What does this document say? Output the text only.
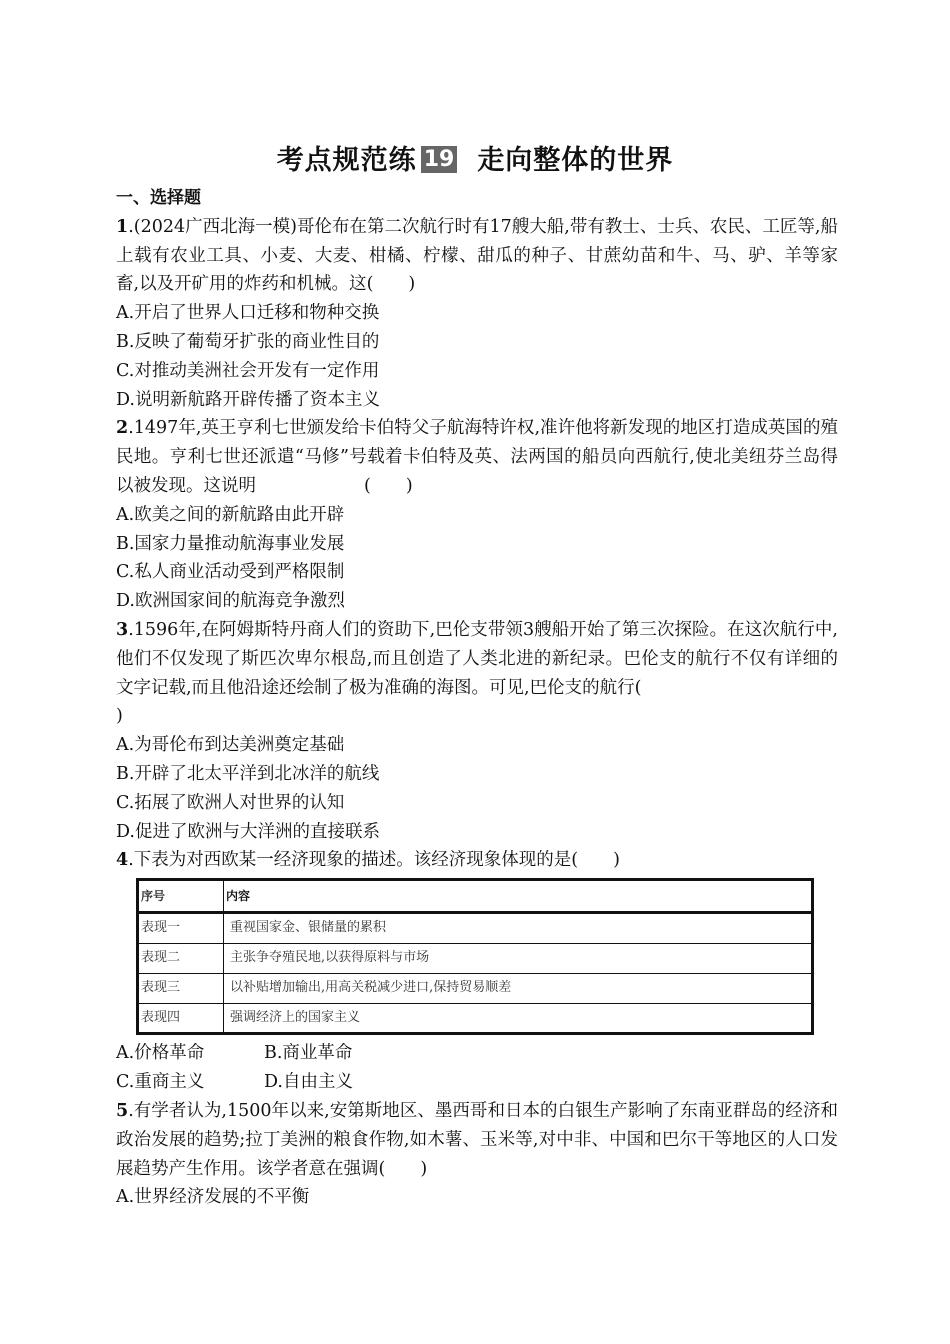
考点规范练 19 走向整体的世界
一、选择题
1.(2024广西北海一模)哥伦布在第二次航行时有17艘大船,带有教士、士兵、农民、工匠等,船上载有农业工具、小麦、大麦、柑橘、柠檬、甜瓜的种子、甘蔗幼苗和牛、马、驴、羊等家畜,以及开矿用的炸药和机械。这(　　)
A.开启了世界人口迁移和物种交换
B.反映了葡萄牙扩张的商业性目的
C.对推动美洲社会开发有一定作用
D.说明新航路开辟传播了资本主义
2.1497年,英王亨利七世颁发给卡伯特父子航海特许权,准许他将新发现的地区打造成英国的殖民地。亨利七世还派遣“马修”号载着卡伯特及英、法两国的船员向西航行,使北美纽芬兰岛得以被发现。这说明	(　　)
A.欧美之间的新航路由此开辟
B.国家力量推动航海事业发展
C.私人商业活动受到严格限制
D.欧洲国家间的航海竞争激烈
3.1596年,在阿姆斯特丹商人们的资助下,巴伦支带领3艘船开始了第三次探险。在这次航行中,他们不仅发现了斯匹次卑尔根岛,而且创造了人类北进的新纪录。巴伦支的航行不仅有详细的文字记载,而且他沿途还绘制了极为准确的海图。可见,巴伦支的航行(
)
A.为哥伦布到达美洲奠定基础
B.开辟了北太平洋到北冰洋的航线
C.拓展了欧洲人对世界的认知
D.促进了欧洲与大洋洲的直接联系
4.下表为对西欧某一经济现象的描述。该经济现象体现的是(　　)
序号	内容
表现一	重视国家金、银储量的累积
表现二	主张争夺殖民地,以获得原料与市场
表现三	以补贴增加输出,用高关税减少进口,保持贸易顺差
表现四	强调经济上的国家主义
A.价格革命	B.商业革命
C.重商主义	D.自由主义
5.有学者认为,1500年以来,安第斯地区、墨西哥和日本的白银生产影响了东南亚群岛的经济和政治发展的趋势;拉丁美洲的粮食作物,如木薯、玉米等,对中非、中国和巴尔干等地区的人口发展趋势产生作用。该学者意在强调(　　)
A.世界经济发展的不平衡
